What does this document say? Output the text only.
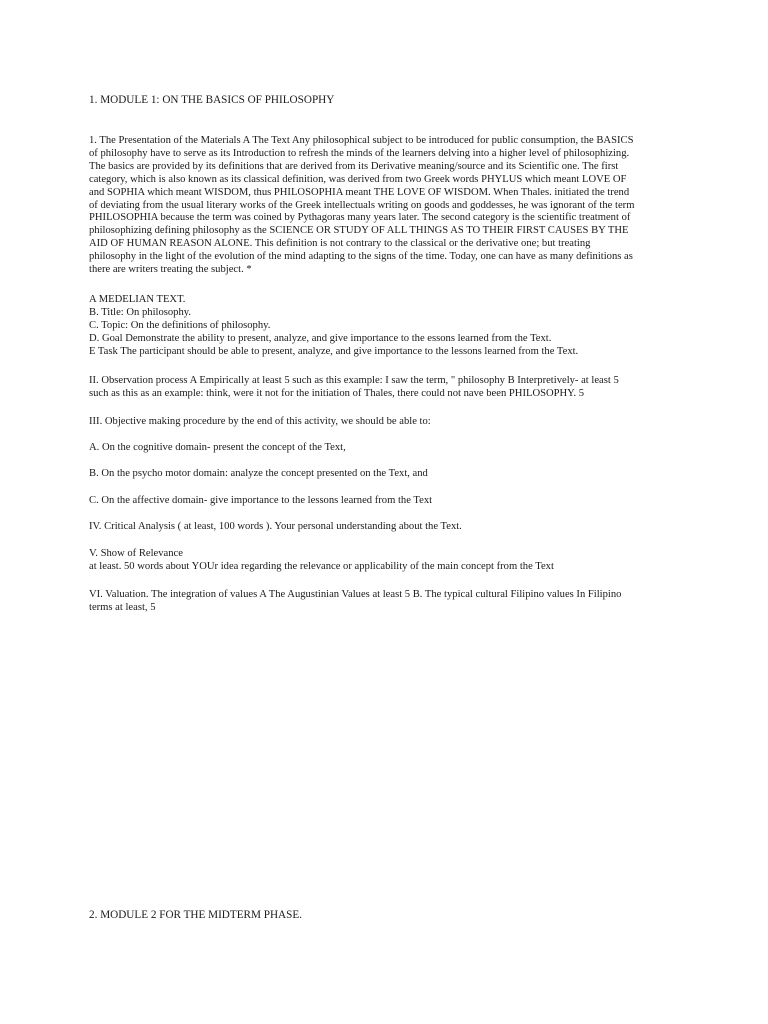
1. MODULE 1: ON THE BASICS OF PHILOSOPHY

1. The Presentation of the Materials A The Text Any philosophical subject to be introduced for public consumption, the BASICS
of philosophy have to serve as its Introduction to refresh the minds of the learners delving into a higher level of philosophizing.
The basics are provided by its definitions that are derived from its Derivative meaning/source and its Scientific one. The first
category, which is also known as its classical definition, was derived from two Greek words PHYLUS which meant LOVE OF
and SOPHIA which meant WISDOM, thus PHILOSOPHIA meant THE LOVE OF WISDOM. When Thales. initiated the trend
of deviating from the usual literary works of the Greek intellectuals writing on goods and goddesses, he was ignorant of the term
PHILOSOPHIA because the term was coined by Pythagoras many years later. The second category is the scientific treatment of
philosophizing defining philosophy as the SCIENCE OR STUDY OF ALL THINGS AS TO THEIR FIRST CAUSES BY THE
AID OF HUMAN REASON ALONE. This definition is not contrary to the classical or the derivative one; but treating
philosophy in the light of the evolution of the mind adapting to the signs of the time. Today, one can have as many definitions as
there are writers treating the subject. *

A MEDELIAN TEXT.
B. Title: On philosophy.
C. Topic: On the definitions of philosophy.
D. Goal Demonstrate the ability to present, analyze, and give importance to the essons learned from the Text.
E Task The participant should be able to present, analyze, and give importance to the lessons learned from the Text.

II. Observation process A Empirically at least 5 such as this example: I saw the term, " philosophy B Interpretively- at least 5
such as this as an example: think, were it not for the initiation of Thales, there could not nave been PHILOSOPHY. 5

III. Objective making procedure by the end of this activity, we should be able to:

A. On the cognitive domain- present the concept of the Text,

B. On the psycho motor domain: analyze the concept presented on the Text, and

C. On the affective domain- give importance to the lessons learned from the Text

IV. Critical Analysis ( at least, 100 words ). Your personal understanding about the Text.

V. Show of Relevance
at least. 50 words about YOUr idea regarding the relevance or applicability of the main concept from the Text

VI. Valuation. The integration of values A The Augustinian Values at least 5 B. The typical cultural Filipino values In Filipino
terms at least, 5

2. MODULE 2 FOR THE MIDTERM PHASE.
